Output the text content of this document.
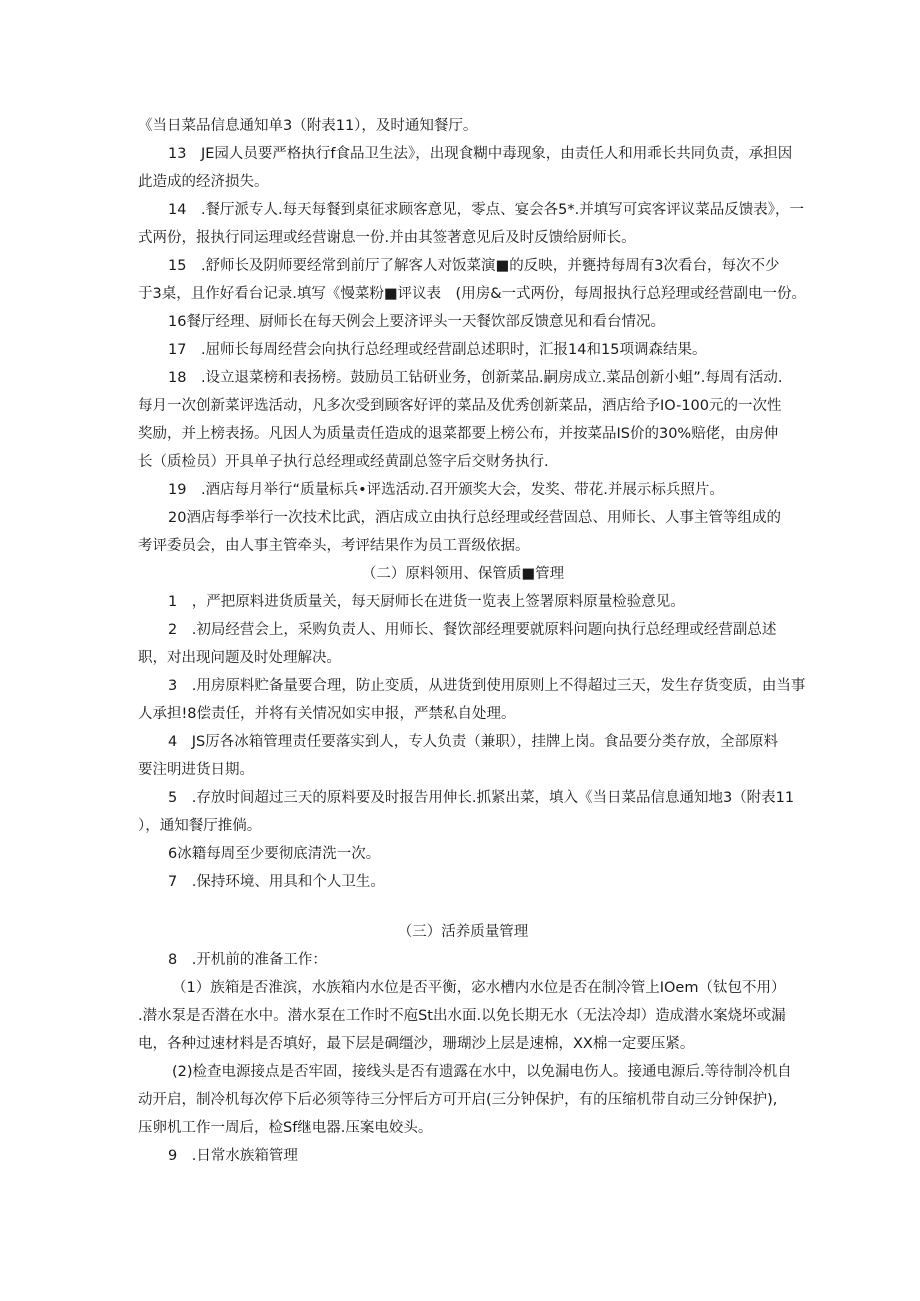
《当日菜品信息通知单3（附表11），及时通知餐厅。
13　JE园人员要严格执行f食品卫生法》，出现食糊中毒现象，由责任人和用乖长共同负责，承担因
此造成的经济损失。
14　.餐厅派专人.每天每餐到桌征求顾客意见，零点、宴会各5*.并填写可宾客评议菜品反馈表》，一
式两份，报执行同运理或经营谢息一份.并由其签著意见后及时反馈给厨师长。
15　.舒师长及阴师要经常到前厅了解客人对饭菜演■的反映，并甕持每周有3次看台，每次不少
于3桌，且作好看台记录.填写《慢菜粉■评议表　(用房&一式两份，每周报执行总羟理或经营副电一份。
16餐厅经理、厨师长在每天例会上要济评头一天餐饮部反馈意见和看台情况。
17　.屈师长每周经营会向执行总经理或经营副总述职时，汇报14和15项调森结果。
18　.设立退菜榜和表扬榜。鼓励员工钻研业务，创新菜品.嗣房成立.菜品创新小蛆”.每周有活动.
每月一次创新菜评选活动，凡多次受到顾客好评的菜品及优秀创新菜品，酒店给予IO-100元的一次性
奖励，并上榜表扬。凡因人为质量责任造成的退菜都要上榜公布，并按菜品IS价的30%赔佬，由房伸
长（质检员）开具单子执行总经理或经黄副总签字后交财务执行.
19　.酒店每月举行“质量标兵•评选活动.召开颁奖大会，发奖、带花.并展示标兵照片。
20酒店每季举行一次技术比武，酒店成立由执行总经理或经营固总、用师长、人事主管等组成的
考评委员会，由人事主管牵头，考评结果作为员工晋级依据。
（二）原料领用、保管质■管理
1　，严把原料进货质量关，每天厨师长在进货一览表上签署原料原量检验意见。
2　.初局经营会上，采购负责人、用师长、餐饮部经理要就原料问题向执行总经理或经营副总述
职，对出现问题及时处理解决。
3　.用房原料贮备量要合理，防止变质，从进货到使用原则上不得超过三天，发生存货变质，由当事
人承担!8偿责任，并将有关情况如实申报，严禁私自处理。
4　JS厉各冰箱管理责任要落实到人，专人负责（兼职），挂牌上岗。食品要分类存放，全部原料
要注明进货日期。
5　.存放时间超过三天的原料要及时报告用伸长.抓紧出菜，填入《当日菜品信息通知地3（附表11
），通知餐厅推倘。
6冰籍每周至少要彻底清洗一次。
7　.保持环境、用具和个人卫生。
（三）活养质量管理
8　.开机前的准备工作：
（1）族箱是否淮滨，水族箱内水位是否平衡，宓水槽内水位是否在制冷管上IOem（钛包不用）
.潜水泵是否潜在水中。潜水泵在工作时不庖St出水面.以免长期无水（无法冷却）造成潜水案烧坏或漏
电，各种过速材料是否填好，最下层是碉缰沙，珊瑚沙上层是速棉，XX棉一定要压紧。
(2)检查电源接点是否牢固，接线头是否有遗露在水中，以免漏电伤人。接通电源后.等待制冷机自
动开启，制冷机每次停下后必须等待三分怦后方可开启(三分钟保护，有的压缩机带自动三分钟保护),
压卵机工作一周后，检Sf继电器.压案电姣头。
9　.日常水族箱管理
